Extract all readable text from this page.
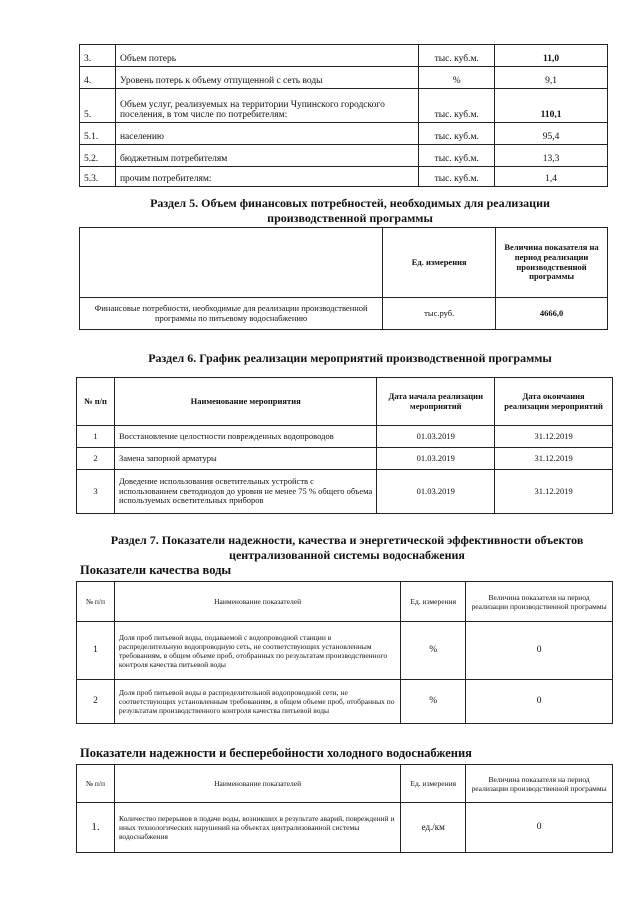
3.	Объем потерь	тыс. куб.м.	11,0
4.	Уровень потерь к объему отпущенной с сеть воды	%	9,1
5.	Объем услуг, реализуемых на территории Чупинского городского поселения, в том числе по потребителям:	тыс. куб.м.	110,1
5.1.	населению	тыс. куб.м.	95,4
5.2.	бюджетным потребителям	тыс. куб.м.	13,3
5.3.	прочим потребителям:	тыс. куб.м.	1,4
Раздел 5. Объем финансовых потребностей, необходимых для реализации
производственной программы
	Ед. измерения	Величина показателя на период реализации производственной программы
Финансовые потребности, необходимые для реализации производственной программы по питьевому водоснабжению	тыс.руб.	4666,0
Раздел 6. График реализации мероприятий производственной программы
№ п/п	Наименование мероприятия	Дата начала реализации мероприятий	Дата окончания реализации мероприятий
1	Восстановление целостности поврежденных водопроводов	01.03.2019	31.12.2019
2	Замена запорной арматуры	01.03.2019	31.12.2019
3	Доведение использования осветительных устройств с использованием светодиодов до уровня не менее 75 % общего объема используемых осветительных приборов	01.03.2019	31.12.2019
Раздел 7. Показатели надежности, качества и энергетической эффективности объектов
централизованной системы водоснабжения
Показатели качества воды
№ п/п	Наименование показателей	Ед. измерения	Величина показателя на период реализации производственной программы
1	Доля проб питьевой воды, подаваемой с водопроводной станции в распределительную водопроводную сеть, не соответствующих установленным требованиям, в общем объеме проб, отобранных по результатам производственного контроля качества питьевой воды	%	0
2	Доля проб питьевой воды в распределительной водопроводной сети, не соответствующих установленным требованиям, в общем объеме проб, отобранных по результатам производственного контроля качества питьевой воды	%	0
Показатели надежности и бесперебойности холодного водоснабжения
№ п/п	Наименование показателей	Ед. измерения	Величина показателя на период реализации производственной программы
1.	Количество перерывов в подаче воды, возникших в результате аварий, повреждений и иных технологических нарушений на объектах централизованной системы водоснабжения	ед./км	0
